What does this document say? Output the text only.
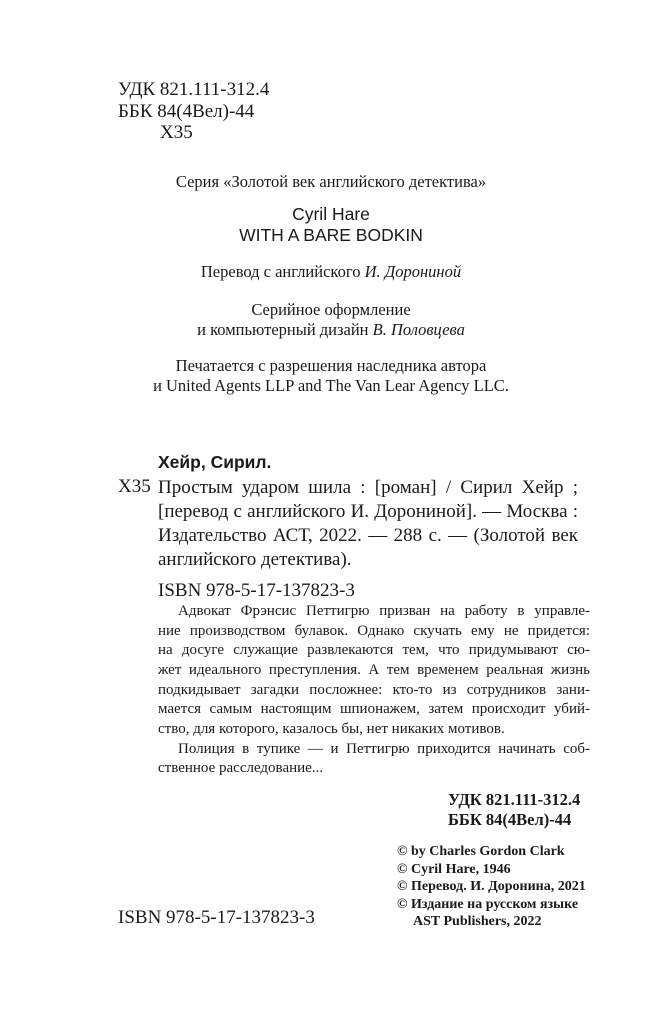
УДК 821.111-312.4
ББК 84(4Вел)-44
Х35
Серия «Золотой век английского детектива»
Cyril Hare
WITH A BARE BODKIN
Перевод с английского И. Дорониной
Серийное оформление
и компьютерный дизайн В. Половцева
Печатается с разрешения наследника автора
и United Agents LLP and The Van Lear Agency LLC.
Хейр, Сирил.
Х35 Простым ударом шила : [роман] / Сирил Хейр ;
[перевод с английского И. Дорониной]. — Москва :
Издательство АСТ, 2022. — 288 с. — (Золотой век
английского детектива).
ISBN 978-5-17-137823-3
Адвокат Фрэнсис Петтигрю призван на работу в управле-
ние производством булавок. Однако скучать ему не придется:
на досуге служащие развлекаются тем, что придумывают сю-
жет идеального преступления. А тем временем реальная жизнь
подкидывает загадки посложнее: кто-то из сотрудников зани-
мается самым настоящим шпионажем, затем происходит убий-
ство, для которого, казалось бы, нет никаких мотивов.
Полиция в тупике — и Петтигрю приходится начинать соб-
ственное расследование...
УДК 821.111-312.4
ББК 84(4Вел)-44
© by Charles Gordon Clark
© Cyril Hare, 1946
© Перевод. И. Доронина, 2021
© Издание на русском языке
AST Publishers, 2022
ISBN 978-5-17-137823-3
